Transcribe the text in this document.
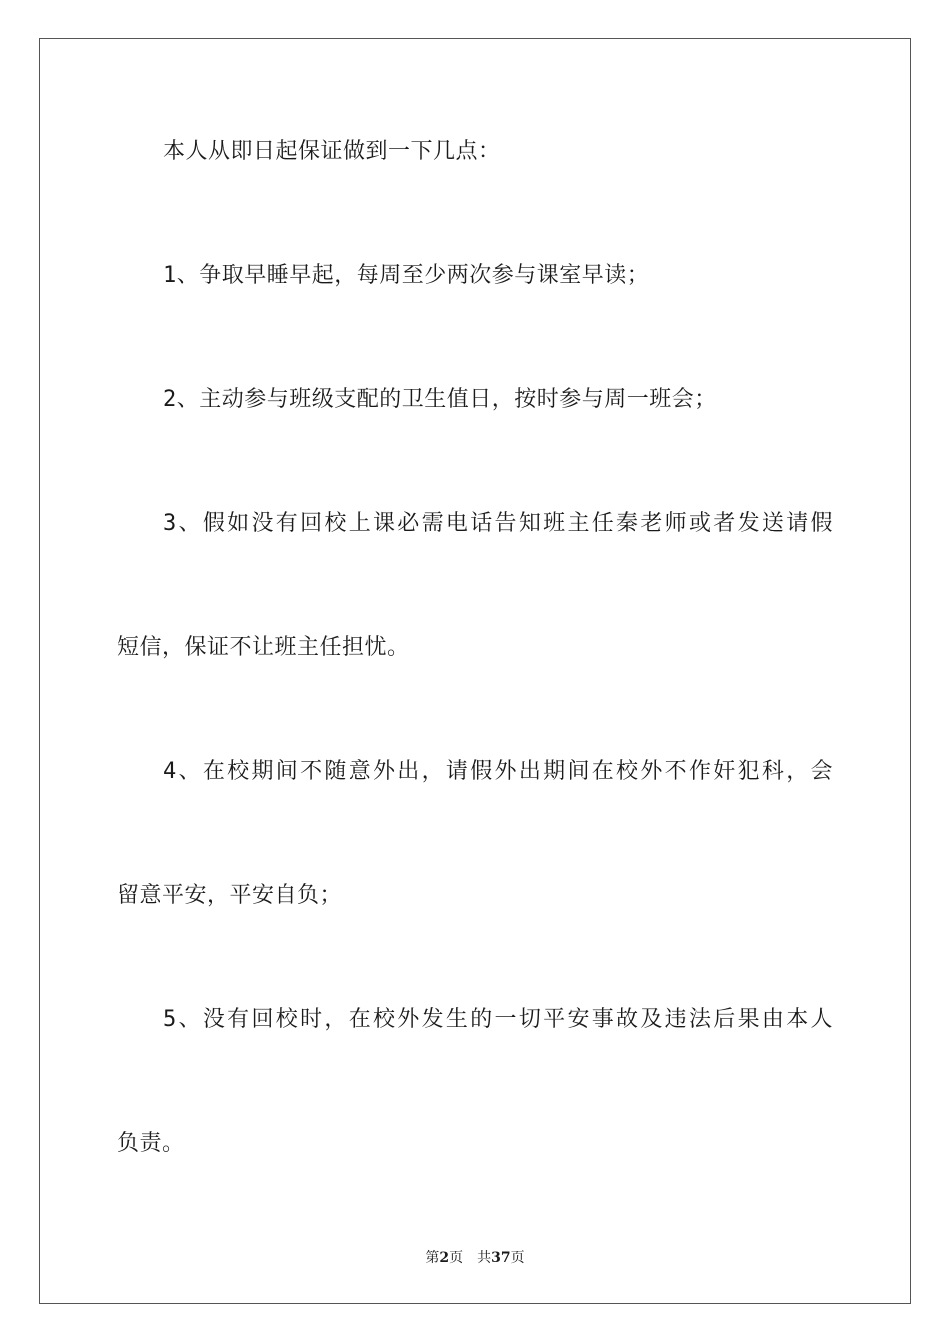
本人从即日起保证做到一下几点：
1、争取早睡早起，每周至少两次参与课室早读；
2、主动参与班级支配的卫生值日，按时参与周一班会；
3、假如没有回校上课必需电话告知班主任秦老师或者发送请假
短信，保证不让班主任担忧。
4、在校期间不随意外出，请假外出期间在校外不作奸犯科，会
留意平安，平安自负；
5、没有回校时，在校外发生的一切平安事故及违法后果由本人
负责。
第2页 共37页
